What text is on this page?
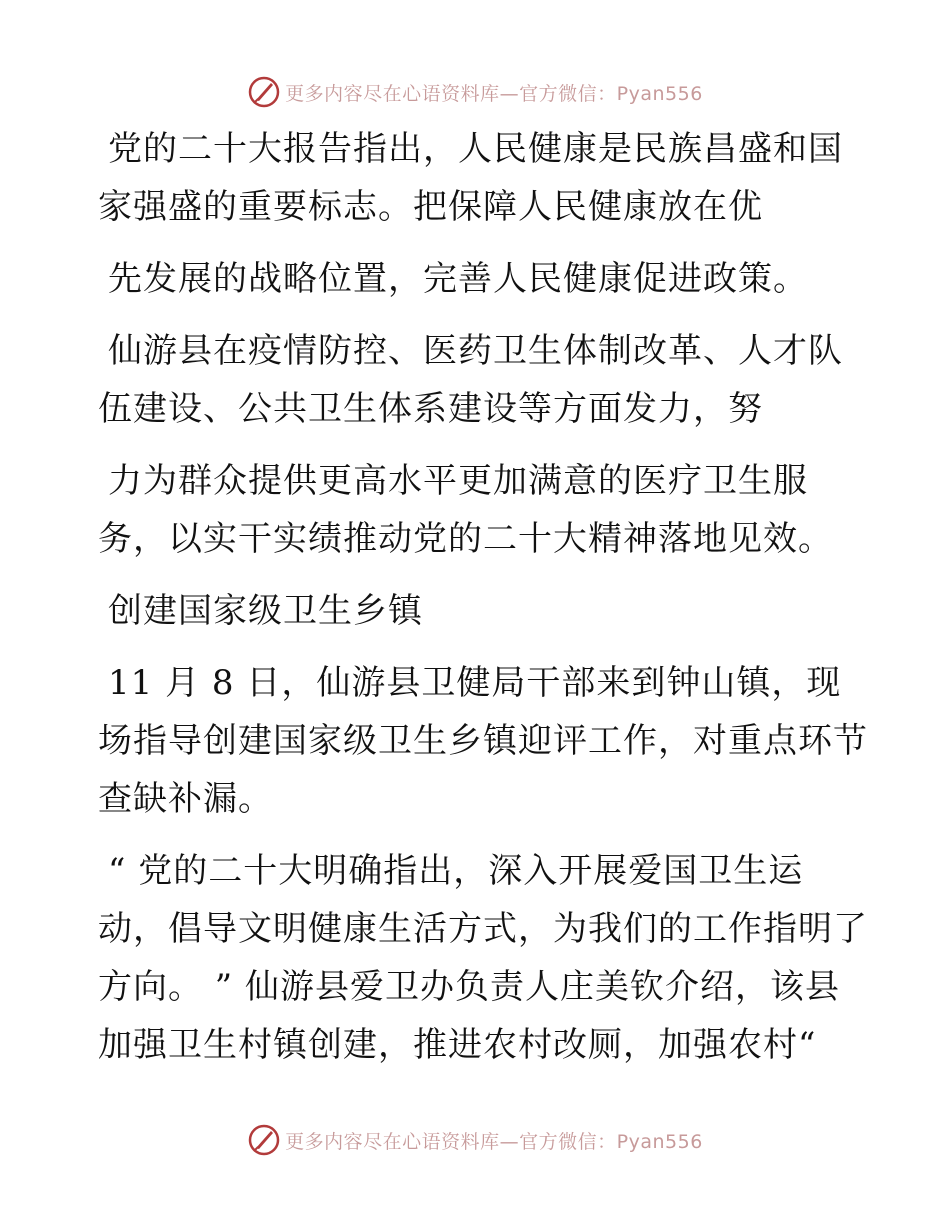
更多内容尽在心语资料库—官方微信：Pyan556
党的二十大报告指出，人民健康是民族昌盛和国
家强盛的重要标志。把保障人民健康放在优
先发展的战略位置，完善人民健康促进政策。
仙游县在疫情防控、医药卫生体制改革、人才队
伍建设、公共卫生体系建设等方面发力，努
力为群众提供更高水平更加满意的医疗卫生服
务，以实干实绩推动党的二十大精神落地见效。
创建国家级卫生乡镇
11 月 8 日，仙游县卫健局干部来到钟山镇，现
场指导创建国家级卫生乡镇迎评工作，对重点环节
查缺补漏。
“ 党的二十大明确指出，深入开展爱国卫生运
动，倡导文明健康生活方式，为我们的工作指明了
方向。 ” 仙游县爱卫办负责人庄美钦介绍，该县
加强卫生村镇创建，推进农村改厕，加强农村“
更多内容尽在心语资料库—官方微信：Pyan556
